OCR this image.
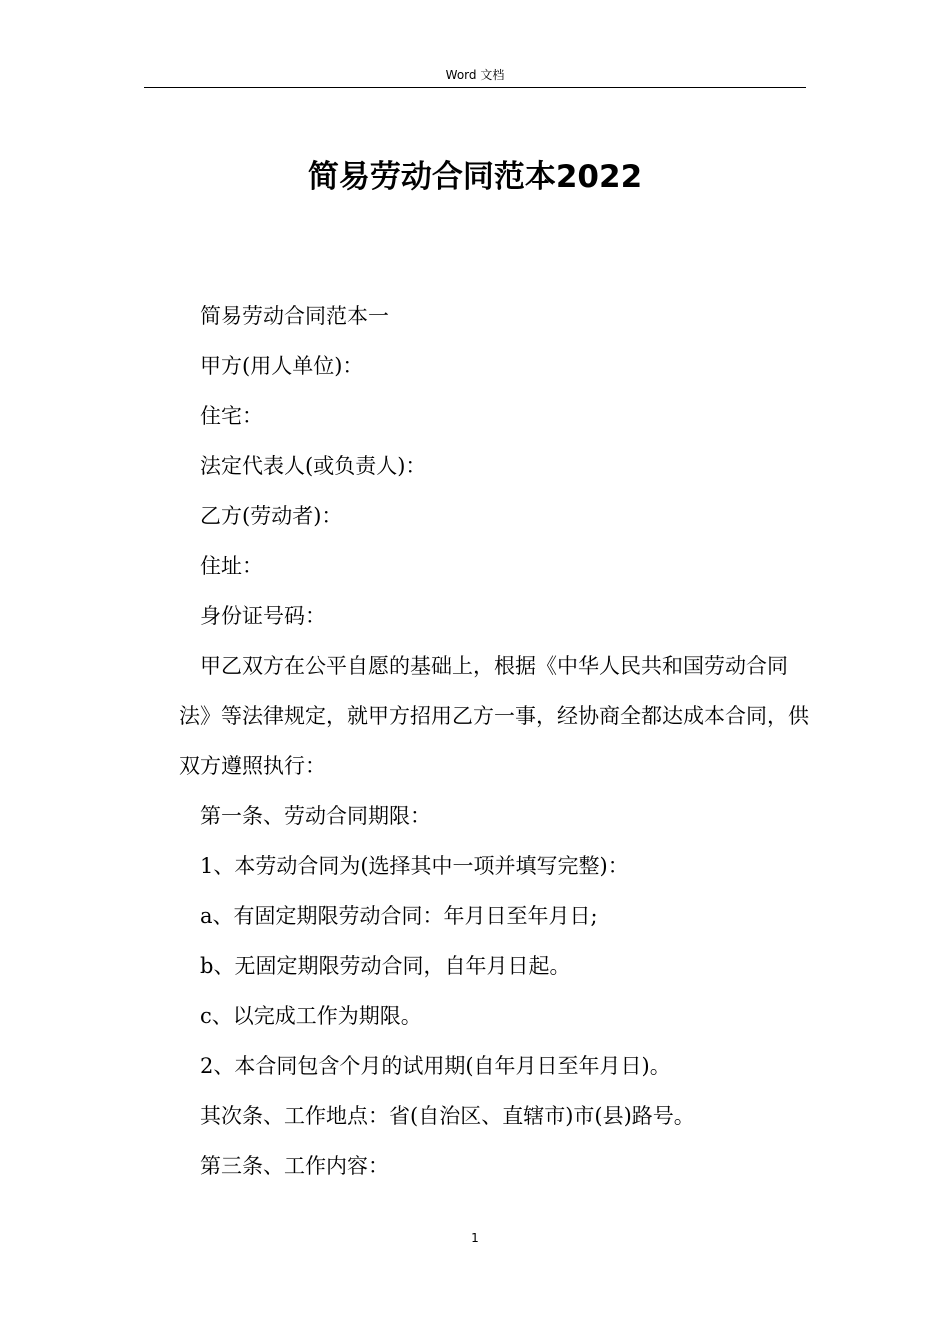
Word 文档
简易劳动合同范本2022

简易劳动合同范本一

甲方(用人单位)：

住宅：

法定代表人(或负责人)：

乙方(劳动者)：

住址：

身份证号码：

甲乙双方在公平自愿的基础上，根据《中华人民共和国劳动合同法》等法律规定，就甲方招用乙方一事，经协商全都达成本合同，供双方遵照执行：

第一条、劳动合同期限：

1、本劳动合同为(选择其中一项并填写完整)：

a、有固定期限劳动合同：年月日至年月日;

b、无固定期限劳动合同，自年月日起。

c、以完成工作为期限。

2、本合同包含个月的试用期(自年月日至年月日)。

其次条、工作地点：省(自治区、直辖市)市(县)路号。

第三条、工作内容：

1
